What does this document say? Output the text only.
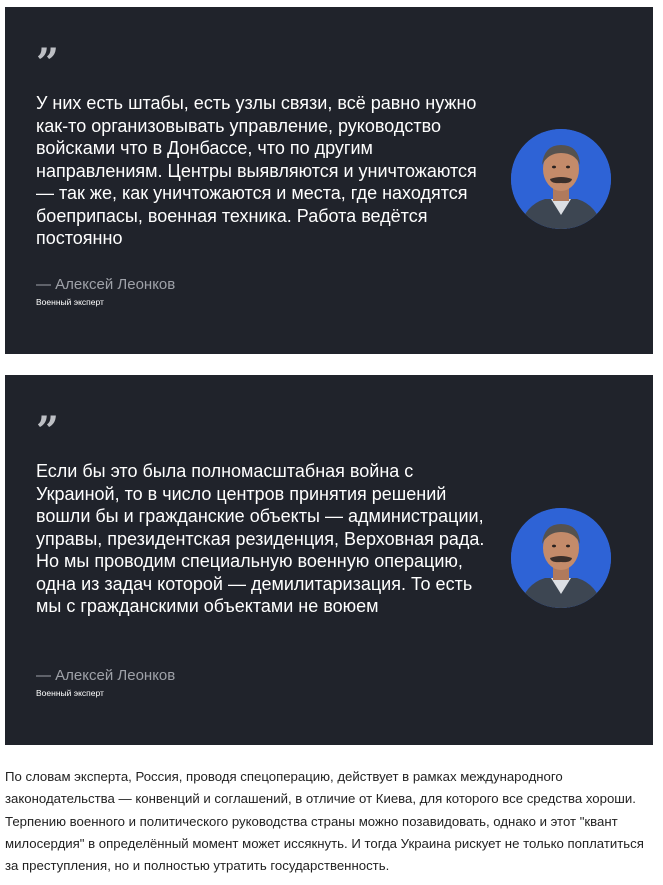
”
У них есть штабы, есть узлы связи, всё равно нужно как-то организовывать управление, руководство войсками что в Донбассе, что по другим направлениям. Центры выявляются и уничтожаются — так же, как уничтожаются и места, где находятся боеприпасы, военная техника. Работа ведётся постоянно
— Алексей Леонков
Военный эксперт
”
Если бы это была полномасштабная война с Украиной, то в число центров принятия решений вошли бы и гражданские объекты — администрации, управы, президентская резиденция, Верховная рада. Но мы проводим специальную военную операцию, одна из задач которой — демилитаризация. То есть мы с гражданскими объектами не воюем
— Алексей Леонков
Военный эксперт
По словам эксперта, Россия, проводя спецоперацию, действует в рамках международного законодательства — конвенций и соглашений, в отличие от Киева, для которого все средства хороши. Терпению военного и политического руководства страны можно позавидовать, однако и этот "квант милосердия" в определённый момент может иссякнуть. И тогда Украина рискует не только поплатиться за преступления, но и полностью утратить государственность.
